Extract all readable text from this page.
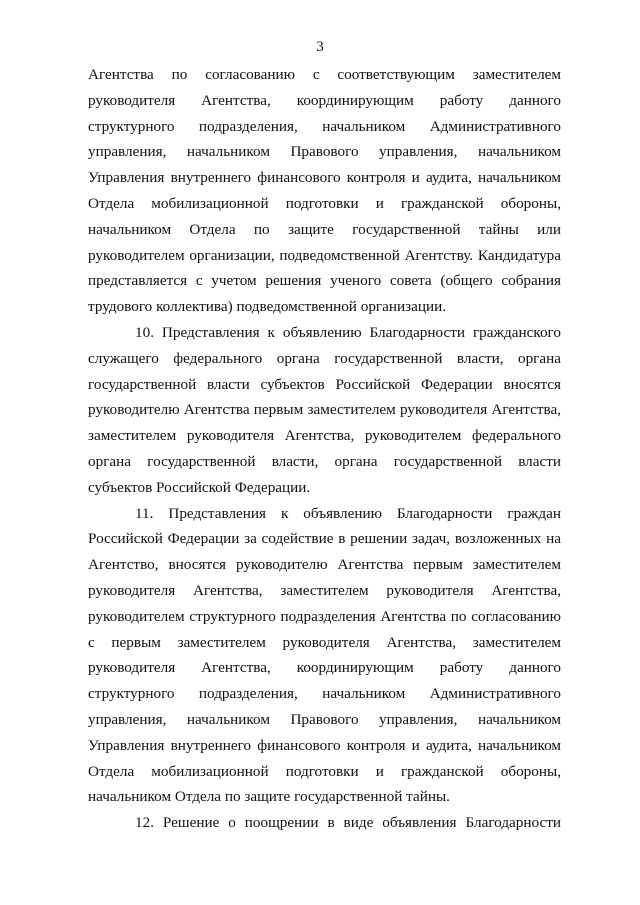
3

Агентства по согласованию с соответствующим заместителем руководителя Агентства, координирующим работу данного структурного подразделения, начальником Административного управления, начальником Правового управления, начальником Управления внутреннего финансового контроля и аудита, начальником Отдела мобилизационной подготовки и гражданской обороны, начальником Отдела по защите государственной тайны или руководителем организации, подведомственной Агентству. Кандидатура представляется с учетом решения ученого совета (общего собрания трудового коллектива) подведомственной организации.

10. Представления к объявлению Благодарности гражданского служащего федерального органа государственной власти, органа государственной власти субъектов Российской Федерации вносятся руководителю Агентства первым заместителем руководителя Агентства, заместителем руководителя Агентства, руководителем федерального органа государственной власти, органа государственной власти субъектов Российской Федерации.

11. Представления к объявлению Благодарности граждан Российской Федерации за содействие в решении задач, возложенных на Агентство, вносятся руководителю Агентства первым заместителем руководителя Агентства, заместителем руководителя Агентства, руководителем структурного подразделения Агентства по согласованию с первым заместителем руководителя Агентства, заместителем руководителя Агентства, координирующим работу данного структурного подразделения, начальником Административного управления, начальником Правового управления, начальником Управления внутреннего финансового контроля и аудита, начальником Отдела мобилизационной подготовки и гражданской обороны, начальником Отдела по защите государственной тайны.

12. Решение о поощрении в виде объявления Благодарности
